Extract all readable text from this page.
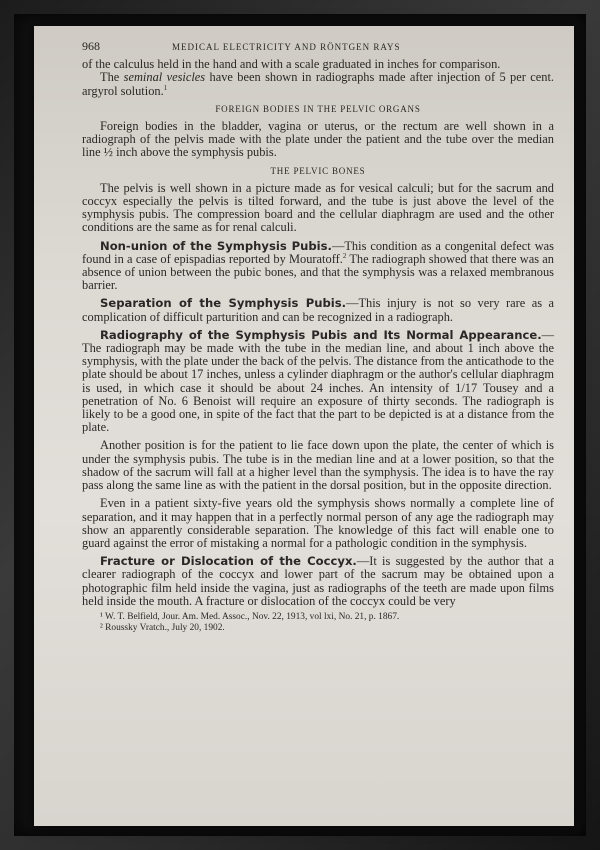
968	MEDICAL ELECTRICITY AND RÖNTGEN RAYS

of the calculus held in the hand and with a scale graduated in inches for comparison.

The seminal vesicles have been shown in radiographs made after injection of 5 per cent. argyrol solution.$^1$

FOREIGN BODIES IN THE PELVIC ORGANS

Foreign bodies in the bladder, vagina or uterus, or the rectum are well shown in a radiograph of the pelvis made with the plate under the patient and the tube over the median line ½ inch above the symphysis pubis.

THE PELVIC BONES

The pelvis is well shown in a picture made as for vesical calculi; but for the sacrum and coccyx especially the pelvis is tilted forward, and the tube is just above the level of the symphysis pubis. The compression board and the cellular diaphragm are used and the other conditions are the same as for renal calculi.

Non-union of the Symphysis Pubis.—This condition as a congenital defect was found in a case of epispadias reported by Mouratoff.$^2$ The radiograph showed that there was an absence of union between the pubic bones, and that the symphysis was a relaxed membranous barrier.

Separation of the Symphysis Pubis.—This injury is not so very rare as a complication of difficult parturition and can be recognized in a radiograph.

Radiography of the Symphysis Pubis and Its Normal Appearance.—The radiograph may be made with the tube in the median line, and about 1 inch above the symphysis, with the plate under the back of the pelvis. The distance from the anticathode to the plate should be about 17 inches, unless a cylinder diaphragm or the author's cellular diaphragm is used, in which case it should be about 24 inches. An intensity of 1/17 Tousey and a penetration of No. 6 Benoist will require an exposure of thirty seconds. The radiograph is likely to be a good one, in spite of the fact that the part to be depicted is at a distance from the plate.

Another position is for the patient to lie face down upon the plate, the center of which is under the symphysis pubis. The tube is in the median line and at a lower position, so that the shadow of the sacrum will fall at a higher level than the symphysis. The idea is to have the ray pass along the same line as with the patient in the dorsal position, but in the opposite direction.

Even in a patient sixty-five years old the symphysis shows normally a complete line of separation, and it may happen that in a perfectly normal person of any age the radiograph may show an apparently considerable separation. The knowledge of this fact will enable one to guard against the error of mistaking a normal for a pathologic condition in the symphysis.

Fracture or Dislocation of the Coccyx.—It is suggested by the author that a clearer radiograph of the coccyx and lower part of the sacrum may be obtained upon a photographic film held inside the vagina, just as radiographs of the teeth are made upon films held inside the mouth. A fracture or dislocation of the coccyx could be very

¹ W. T. Belfield, Jour. Am. Med. Assoc., Nov. 22, 1913, vol lxi, No. 21, p. 1867.
² Roussky Vratch., July 20, 1902.
